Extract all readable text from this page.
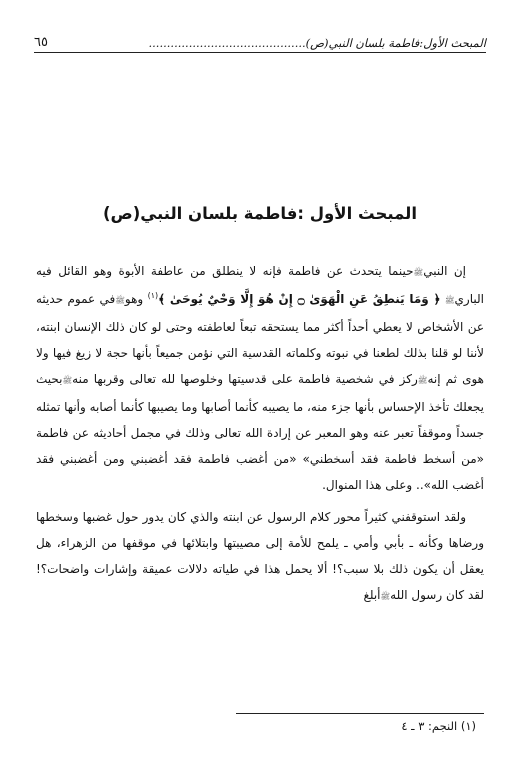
المبحث الأول:فاطمة بلسان النبي(ص)...........................................
٦٥
المبحث الأول :فاطمة بلسان النبي(ص)

إن النبيﷺحينما يتحدث عن فاطمة فإنه لا ينطلق من عاطفة الأبوة وهو القائل فيه الباريﷺ ﴿ وَمَا يَنطِقُ عَنِ الْهَوَىٰ ۝ إِنْ هُوَ إِلَّا وَحْيٌ يُوحَىٰ ﴾$^{(١)}$ وهوﷺفي عموم حديثه عن الأشخاص لا يعطي أحداً أكثر مما يستحقه تبعاً لعاطفته وحتى لو كان ذلك الإنسان ابنته، لأننا لو قلنا بذلك لطعنا في نبوته وكلماته القدسية التي نؤمن جميعاً بأنها حجة لا زيغ فيها ولا هوى ثم إنهﷺركز في شخصية فاطمة على قدسيتها وخلوصها لله تعالى وقربها منهﷺبحيث يجعلك تأخذ الإحساس بأنها جزء منه، ما يصيبه كأنما أصابها وما يصيبها كأنما أصابه وأنها تمثله جسداً وموقفاً تعبر عنه وهو المعبر عن إرادة الله تعالى وذلك في مجمل أحاديثه عن فاطمة «من أسخط فاطمة فقد أسخطني» «من أغضب فاطمة فقد أغضبني ومن أغضبني فقد أغضب الله».. وعلى هذا المنوال.

ولقد استوقفني كثيراً محور كلام الرسول عن ابنته والذي كان يدور حول غضبها وسخطها ورضاها وكأنه ـ بأبي وأمي ـ يلمح للأمة إلى مصيبتها وابتلائها في موقفها من الزهراء، هل يعقل أن يكون ذلك بلا سبب؟! ألا يحمل هذا في طياته دلالات عميقة وإشارات واضحات؟! لقد كان رسول اللهﷺأبلغ

(١) النجم: ٣ ـ ٤
